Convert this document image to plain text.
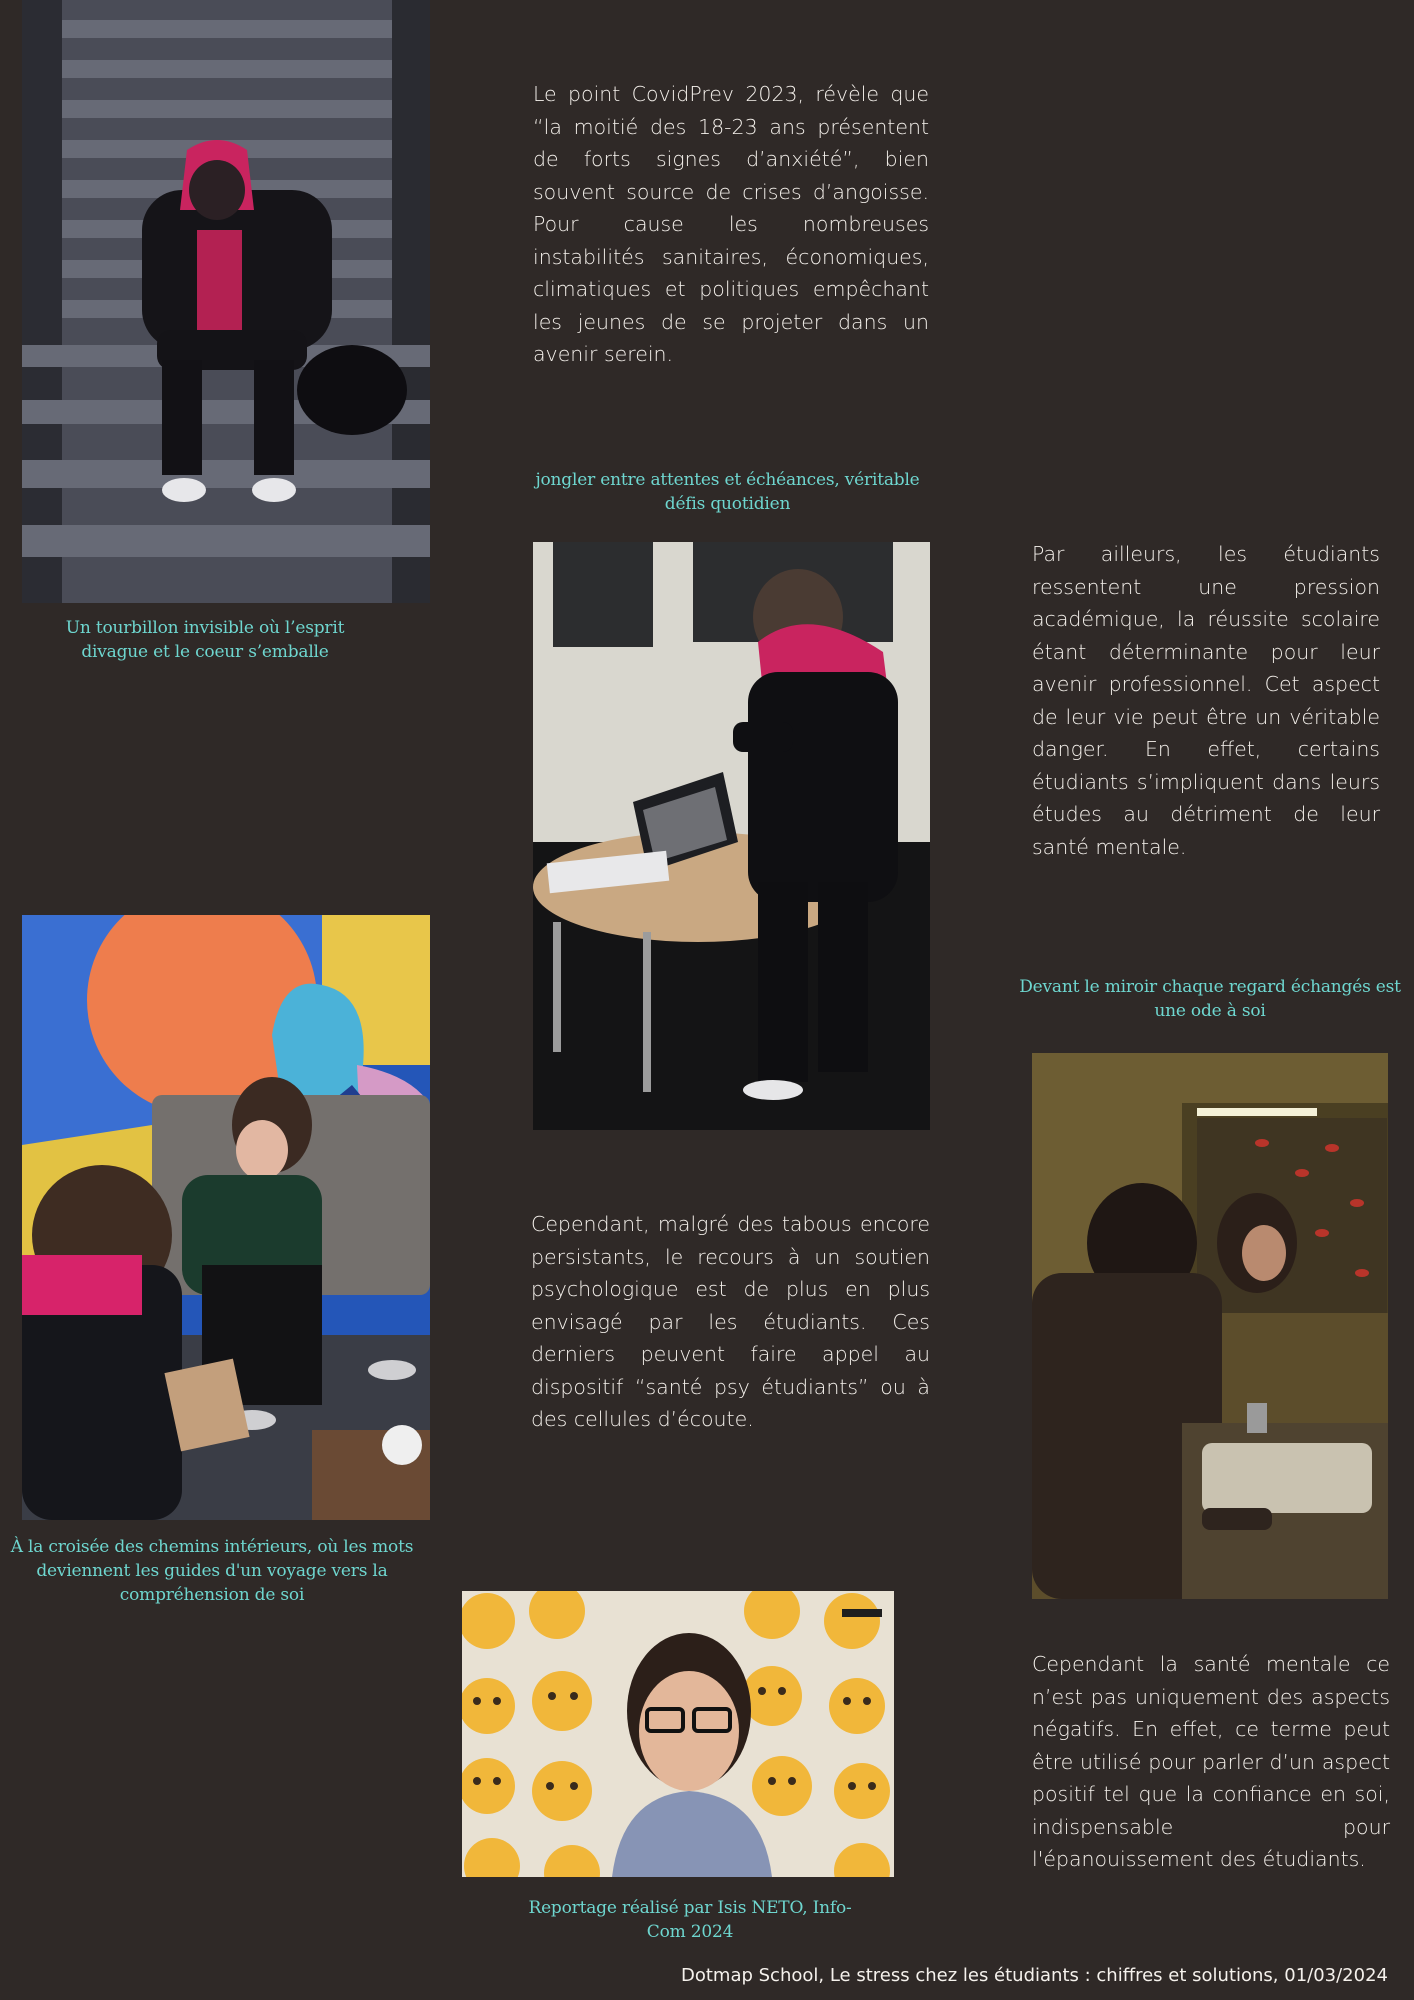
Un tourbillon invisible où l’esprit divague et le coeur s’emballe
Le point CovidPrev 2023, révèle que “la moitié des 18-23 ans présentent de forts signes d’anxiété”, bien souvent source de crises d’angoisse. Pour cause les nombreuses instabilités sanitaires, économiques, climatiques et politiques empêchant les jeunes de se projeter dans un avenir serein.
jongler entre attentes et échéances, véritable défis quotidien
Par ailleurs, les étudiants ressentent une pression académique, la réussite scolaire étant déterminante pour leur avenir professionnel. Cet aspect de leur vie peut être un véritable danger. En effet, certains étudiants s’impliquent dans leurs études au détriment de leur santé mentale.
Devant le miroir chaque regard échangés est une ode à soi
À la croisée des chemins intérieurs, où les mots deviennent les guides d'un voyage vers la compréhension de soi
Cependant, malgré des tabous encore persistants, le recours à un soutien psychologique est de plus en plus envisagé par les étudiants. Ces derniers peuvent faire appel au dispositif “santé psy étudiants” ou à des cellules d’écoute.
Reportage réalisé par Isis NETO, Info-Com 2024
Cependant la santé mentale ce n’est pas uniquement des aspects négatifs. En effet, ce terme peut être utilisé pour parler d’un aspect positif tel que la confiance en soi, indispensable pour l'épanouissement des étudiants.
Dotmap School, Le stress chez les étudiants : chiffres et solutions, 01/03/2024
